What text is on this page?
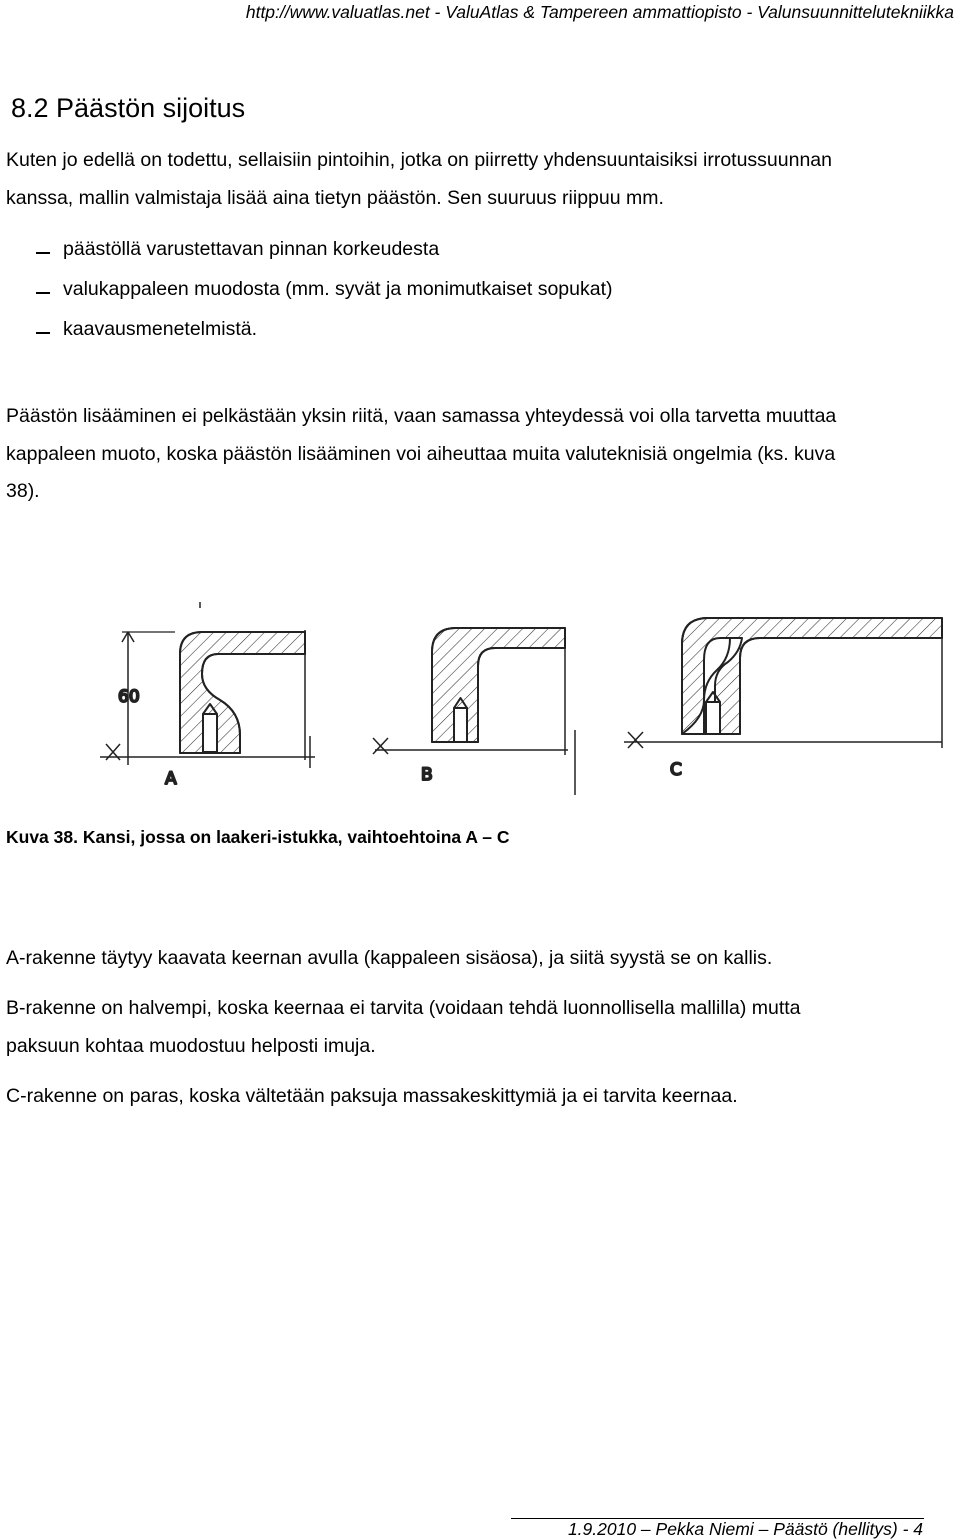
http://www.valuatlas.net - ValuAtlas & Tampereen ammattiopisto - Valunsuunnittelutekniikka
8.2 Päästön sijoitus
Kuten jo edellä on todettu, sellaisiin pintoihin, jotka on piirretty yhdensuuntaisiksi irrotussuunnan
kanssa, mallin valmistaja lisää aina tietyn päästön. Sen suuruus riippuu mm.
päästöllä varustettavan pinnan korkeudesta
valukappaleen muodosta (mm. syvät ja monimutkaiset sopukat)
kaavausmenetelmistä.
Päästön lisääminen ei pelkästään yksin riitä, vaan samassa yhteydessä voi olla tarvetta muuttaa
kappaleen muoto, koska päästön lisääminen voi aiheuttaa muita valuteknisiä ongelmia (ks. kuva
38).
60
A	B	C
Kuva 38. Kansi, jossa on laakeri-istukka, vaihtoehtoina A – C
A-rakenne täytyy kaavata keernan avulla (kappaleen sisäosa), ja siitä syystä se on kallis.
B-rakenne on halvempi, koska keernaa ei tarvita (voidaan tehdä luonnollisella mallilla) mutta
paksuun kohtaa muodostuu helposti imuja.
C-rakenne on paras, koska vältetään paksuja massakeskittymiä ja ei tarvita keernaa.
1.9.2010 – Pekka Niemi – Päästö (hellitys) - 4
